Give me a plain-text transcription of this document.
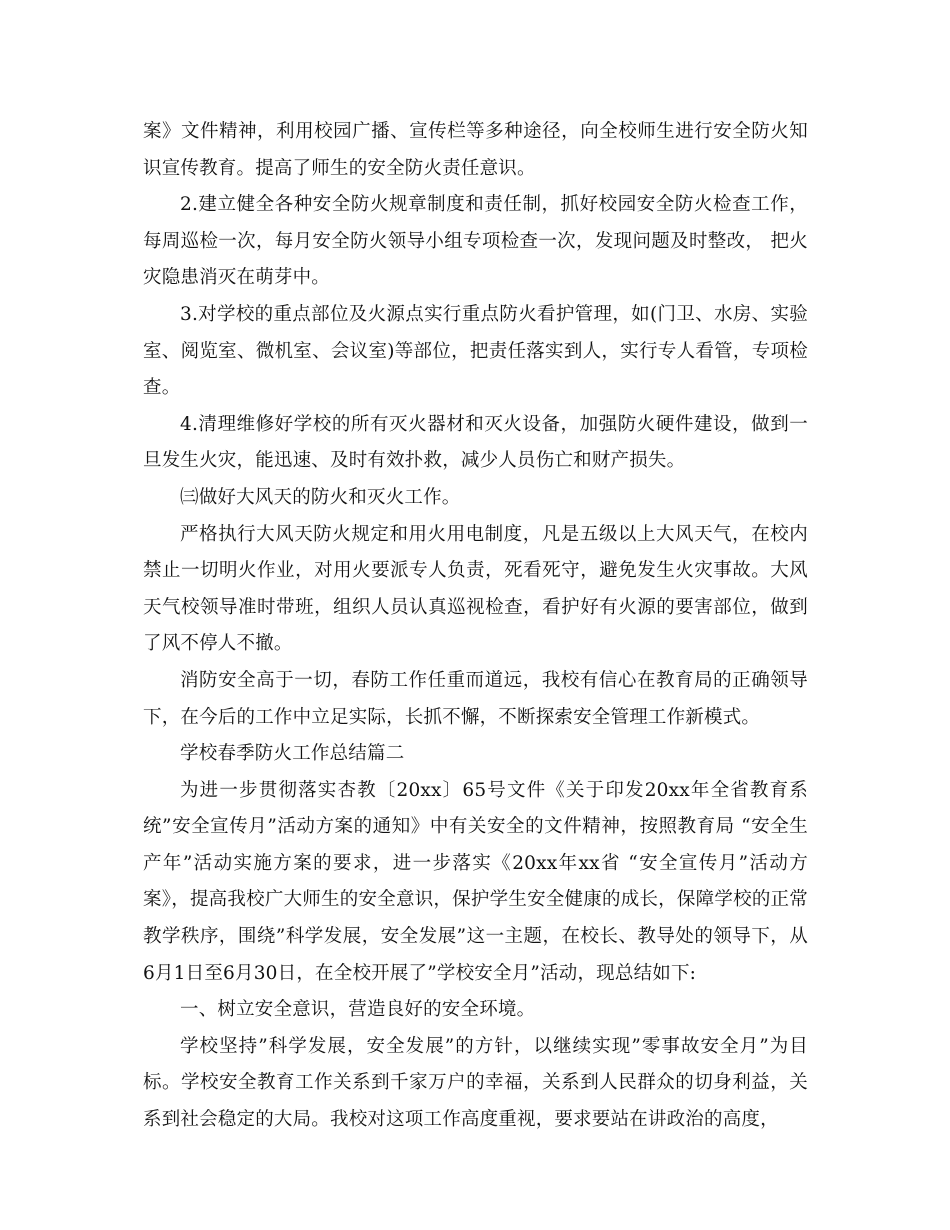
案》文件精神，利用校园广播、宣传栏等多种途径，向全校师生进行安全防火知识宣传教育。提高了师生的安全防火责任意识。

2.建立健全各种安全防火规章制度和责任制，抓好校园安全防火检查工作，每周巡检一次，每月安全防火领导小组专项检查一次，发现问题及时整改， 把火灾隐患消灭在萌芽中。

3.对学校的重点部位及火源点实行重点防火看护管理，如(门卫、水房、实验室、阅览室、微机室、会议室)等部位，把责任落实到人，实行专人看管，专项检查。

4.清理维修好学校的所有灭火器材和灭火设备，加强防火硬件建设，做到一旦发生火灾，能迅速、及时有效扑救，减少人员伤亡和财产损失。

㈢做好大风天的防火和灭火工作。

严格执行大风天防火规定和用火用电制度，凡是五级以上大风天气，在校内禁止一切明火作业，对用火要派专人负责，死看死守，避免发生火灾事故。大风天气校领导准时带班，组织人员认真巡视检查，看护好有火源的要害部位，做到了风不停人不撤。

消防安全高于一切，春防工作任重而道远，我校有信心在教育局的正确领导下，在今后的工作中立足实际，长抓不懈，不断探索安全管理工作新模式。

学校春季防火工作总结篇二

为进一步贯彻落实杏教〔20xx〕65号文件《关于印发20xx年全省教育系统”安全宣传月”活动方案的通知》中有关安全的文件精神，按照教育局 “安全生产年”活动实施方案的要求，进一步落实《20xx年xx省 “安全宣传月”活动方案》，提高我校广大师生的安全意识，保护学生安全健康的成长，保障学校的正常教学秩序，围绕”科学发展，安全发展”这一主题，在校长、教导处的领导下，从6月1日至6月30日，在全校开展了”学校安全月”活动，现总结如下:

一、树立安全意识，营造良好的安全环境。

学校坚持”科学发展，安全发展”的方针，以继续实现”零事故安全月”为目标。学校安全教育工作关系到千家万户的幸福，关系到人民群众的切身利益，关系到社会稳定的大局。我校对这项工作高度重视，要求要站在讲政治的高度，
